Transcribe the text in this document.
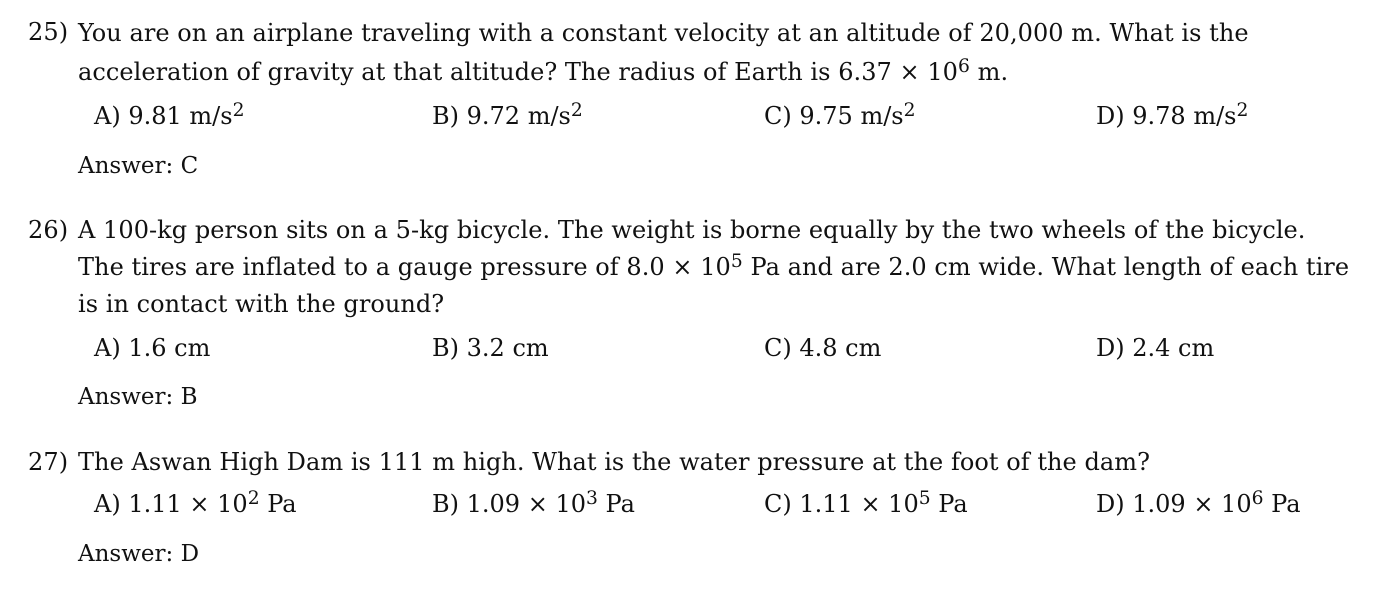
25) You are on an airplane traveling with a constant velocity at an altitude of 20,000 m. What is the acceleration of gravity at that altitude? The radius of Earth is $6.37 \times 10^6$ m.
A) 9.81 $m/s^2$	B) 9.72 $m/s^2$	C) 9.75 $m/s^2$	D) 9.78 $m/s^2$
Answer: C
26) A 100-kg person sits on a 5-kg bicycle. The weight is borne equally by the two wheels of the bicycle. The tires are inflated to a gauge pressure of $8.0 \times 10^5$ Pa and are 2.0 cm wide. What length of each tire is in contact with the ground?
A) 1.6 cm	B) 3.2 cm	C) 4.8 cm	D) 2.4 cm
Answer: B
27) The Aswan High Dam is 111 m high. What is the water pressure at the foot of the dam?
A) $1.11 \times 10^2$ Pa	B) $1.09 \times 10^3$ Pa	C) $1.11 \times 10^5$ Pa	D) $1.09 \times 10^6$ Pa
Answer: D
